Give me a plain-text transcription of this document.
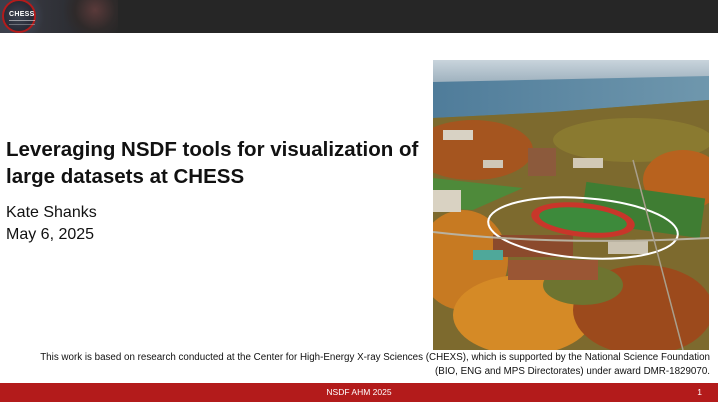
CHESS
Leveraging NSDF tools for visualization of large datasets at CHESS
Kate Shanks
May 6, 2025
This work is based on research conducted at the Center for High-Energy X-ray Sciences (CHEXS), which is supported by the National Science Foundation (BIO, ENG and MPS Directorates) under award DMR-1829070.
NSDF AHM 2025	1
